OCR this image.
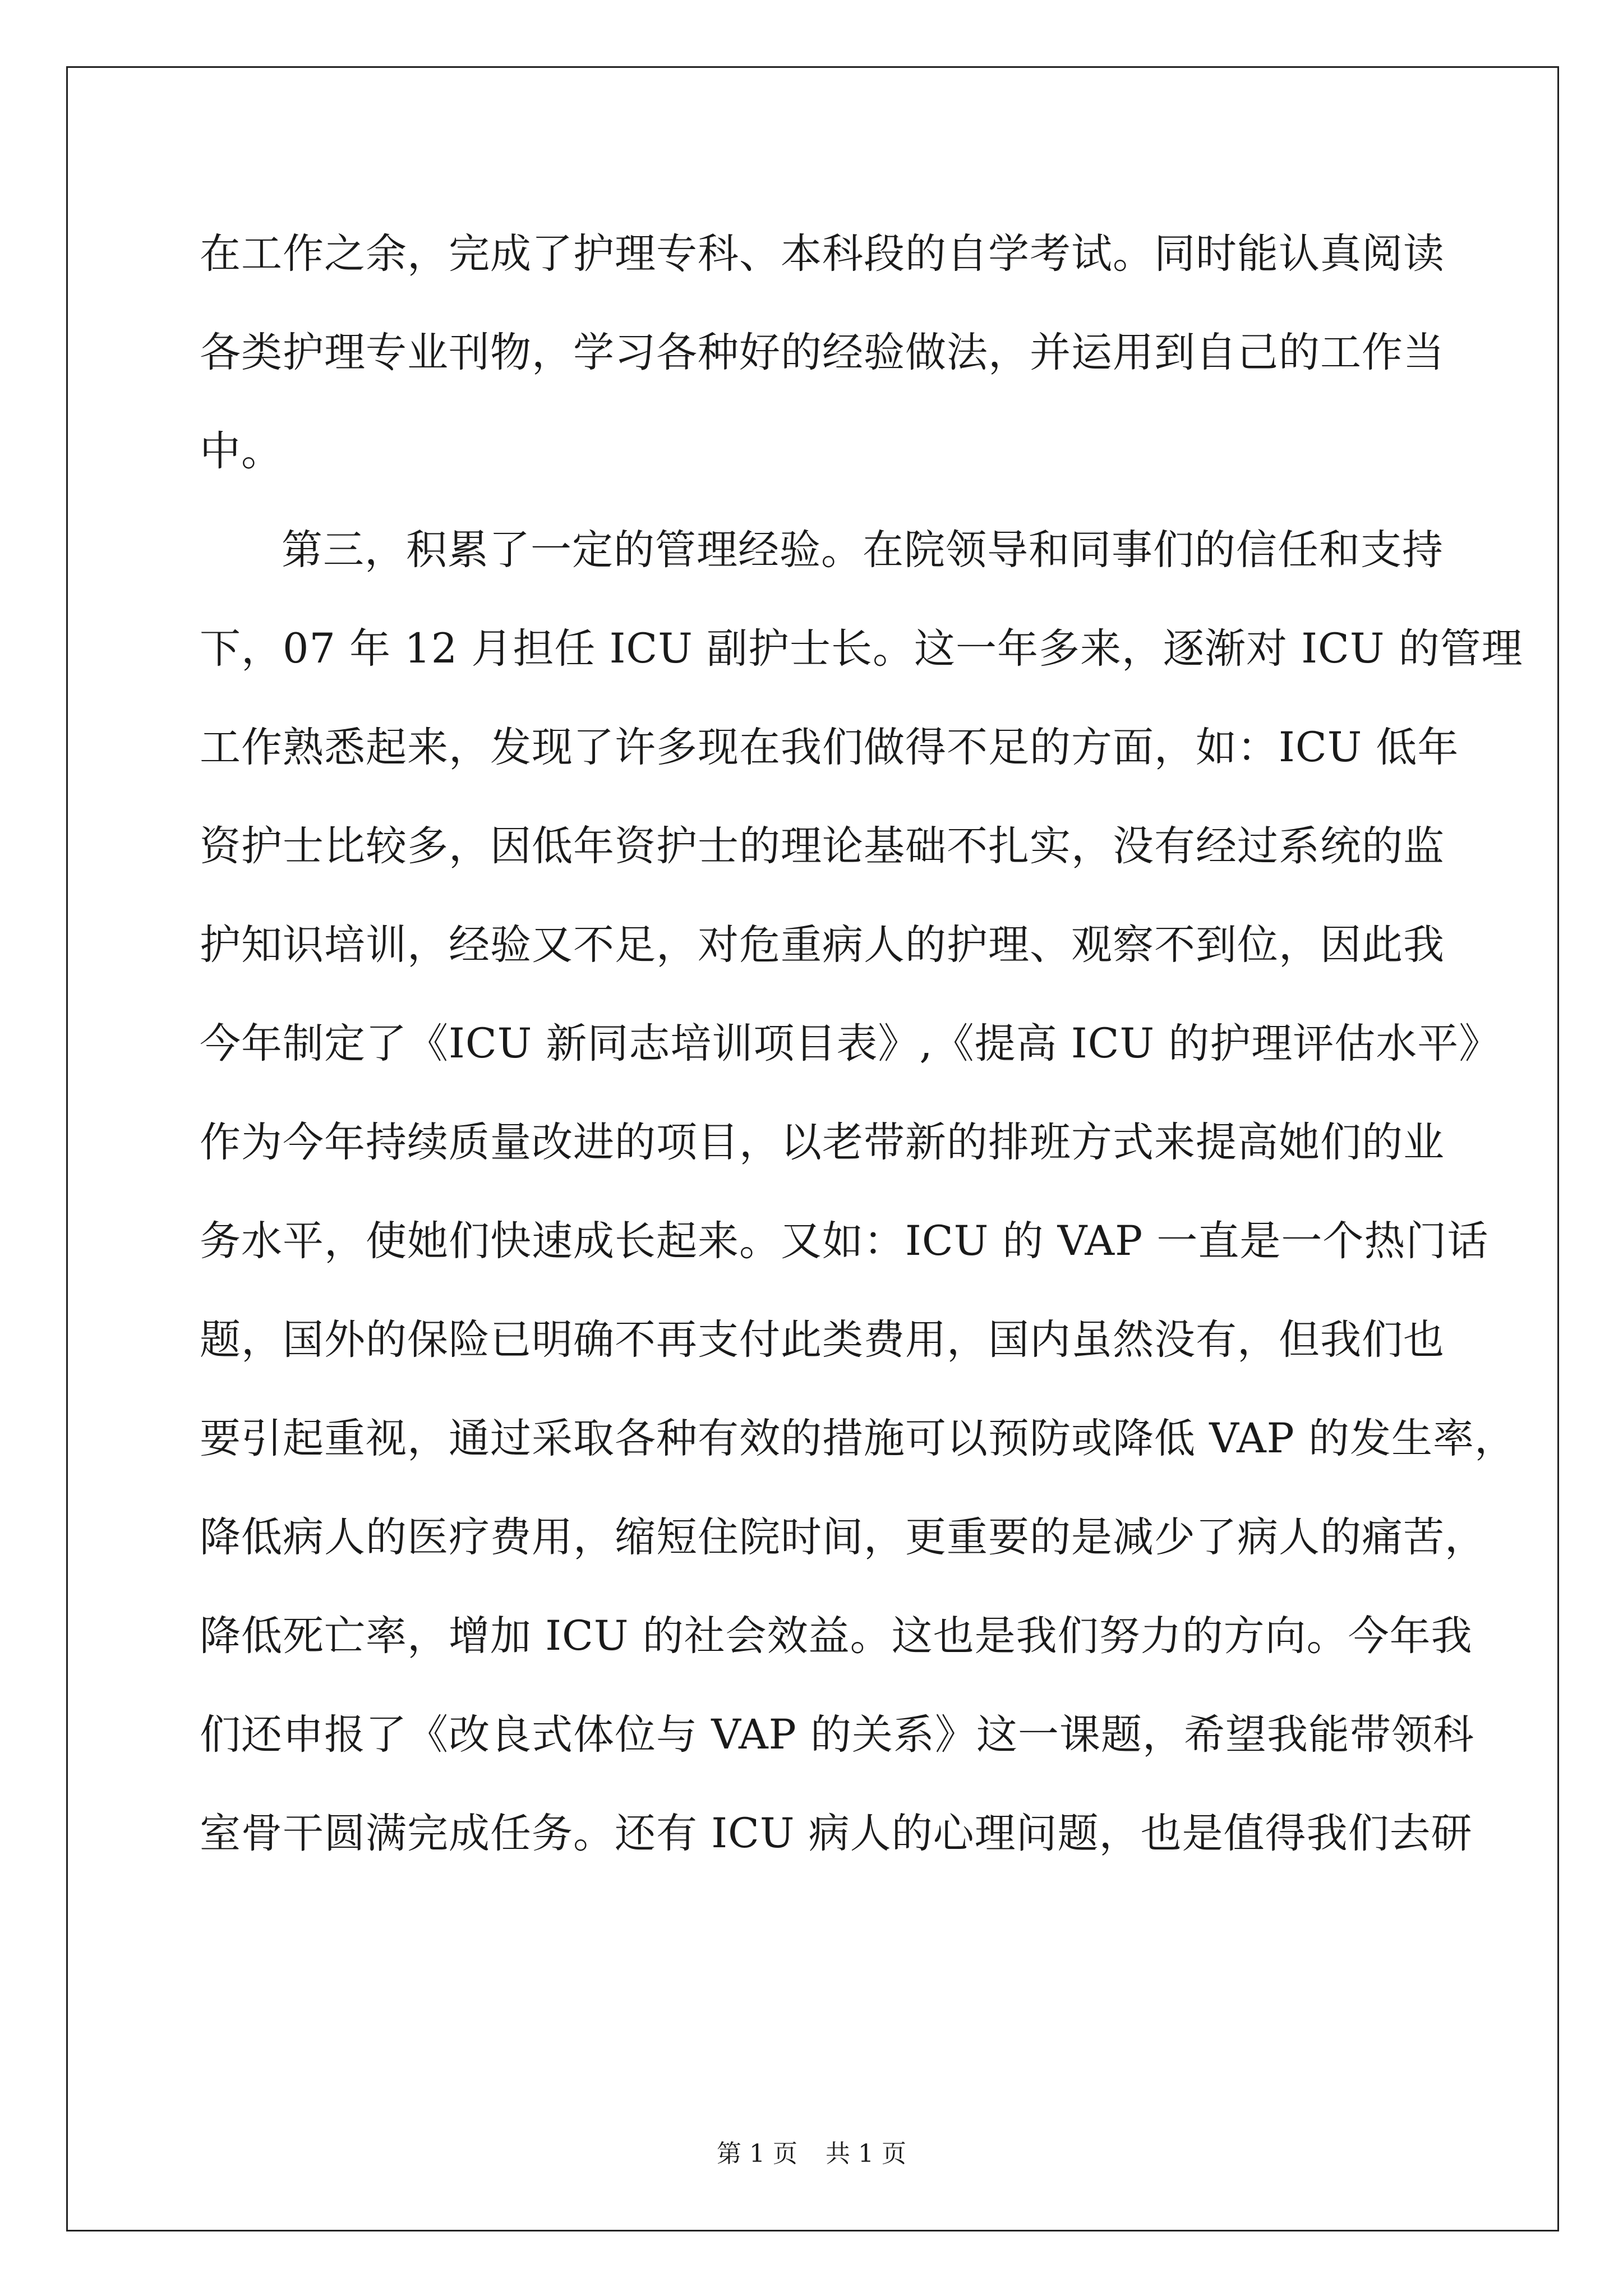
在工作之余，完成了护理专科、本科段的自学考试。同时能认真阅读
各类护理专业刊物，学习各种好的经验做法，并运用到自己的工作当
中。
第三，积累了一定的管理经验。在院领导和同事们的信任和支持
下，07 年 12 月担任 ICU 副护士长。这一年多来，逐渐对 ICU 的管理
工作熟悉起来，发现了许多现在我们做得不足的方面，如：ICU 低年
资护士比较多，因低年资护士的理论基础不扎实，没有经过系统的监
护知识培训，经验又不足，对危重病人的护理、观察不到位，因此我
今年制定了《ICU 新同志培训项目表》,《提高 ICU 的护理评估水平》
作为今年持续质量改进的项目，以老带新的排班方式来提高她们的业
务水平，使她们快速成长起来。又如：ICU 的 VAP 一直是一个热门话
题，国外的保险已明确不再支付此类费用，国内虽然没有，但我们也
要引起重视，通过采取各种有效的措施可以预防或降低 VAP 的发生率，
降低病人的医疗费用，缩短住院时间，更重要的是减少了病人的痛苦，
降低死亡率，增加 ICU 的社会效益。这也是我们努力的方向。今年我
们还申报了《改良式体位与 VAP 的关系》这一课题，希望我能带领科
室骨干圆满完成任务。还有 ICU 病人的心理问题，也是值得我们去研
第 1 页 共 1 页
